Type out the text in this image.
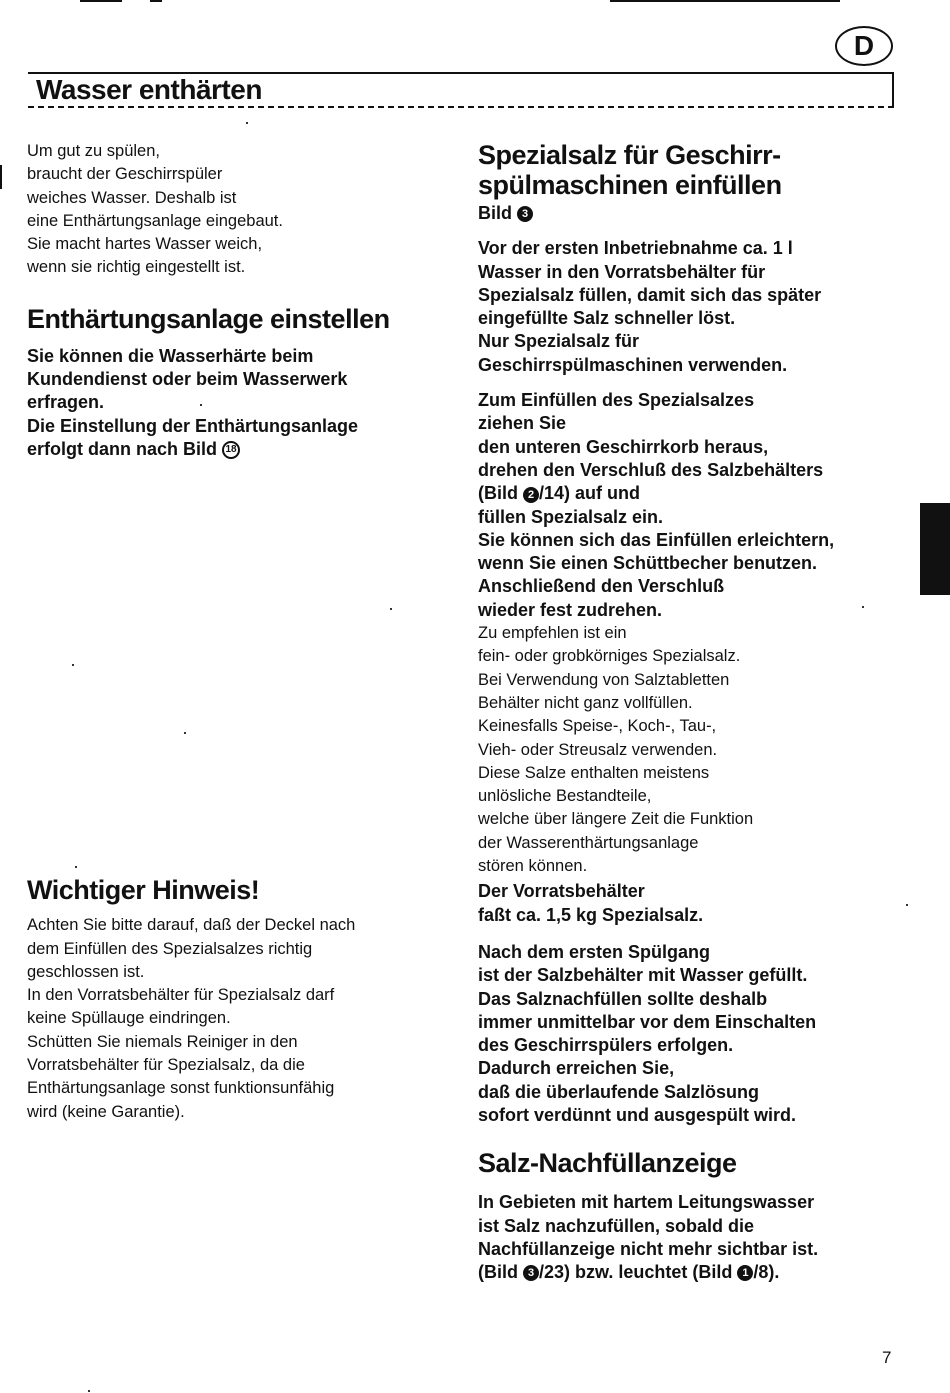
D
Wasser enthärten

Um gut zu spülen,

braucht der Geschirrspüler

weiches Wasser. Deshalb ist

eine Enthärtungsanlage eingebaut.

Sie macht hartes Wasser weich,

wenn sie richtig eingestellt ist.

Enthärtungsanlage einstellen

Sie können die Wasserhärte beim

Kundendienst oder beim Wasserwerk

erfragen.

Die Einstellung der Enthärtungsanlage

erfolgt dann nach Bild 18

Wichtiger Hinweis!

Achten Sie bitte darauf, daß der Deckel nach

dem Einfüllen des Spezialsalzes richtig

geschlossen ist.

In den Vorratsbehälter für Spezialsalz darf

keine Spüllauge eindringen.

Schütten Sie niemals Reiniger in den

Vorratsbehälter für Spezialsalz, da die

Enthärtungsanlage sonst funktionsunfähig

wird (keine Garantie).

Spezialsalz für Geschirr-
spülmaschinen einfüllen

Bild 3

Vor der ersten Inbetriebnahme ca. 1 l

Wasser in den Vorratsbehälter für

Spezialsalz füllen, damit sich das später

eingefüllte Salz schneller löst.

Nur Spezialsalz für

Geschirrspülmaschinen verwenden.

Zum Einfüllen des Spezialsalzes

ziehen Sie

den unteren Geschirrkorb heraus,

drehen den Verschluß des Salzbehälters

(Bild 2 /14) auf und

füllen Spezialsalz ein.

Sie können sich das Einfüllen erleichtern,

wenn Sie einen Schüttbecher benutzen.

Anschließend den Verschluß

wieder fest zudrehen.

Zu empfehlen ist ein

fein- oder grobkörniges Spezialsalz.

Bei Verwendung von Salztabletten

Behälter nicht ganz vollfüllen.

Keinesfalls Speise-, Koch-, Tau-,

Vieh- oder Streusalz verwenden.

Diese Salze enthalten meistens

unlösliche Bestandteile,

welche über längere Zeit die Funktion

der Wasserenthärtungsanlage

stören können.

Der Vorratsbehälter

faßt ca. 1,5 kg Spezialsalz.

Nach dem ersten Spülgang

ist der Salzbehälter mit Wasser gefüllt.

Das Salznachfüllen sollte deshalb

immer unmittelbar vor dem Einschalten

des Geschirrspülers erfolgen.

Dadurch erreichen Sie,

daß die überlaufende Salzlösung

sofort verdünnt und ausgespült wird.

Salz-Nachfüllanzeige

In Gebieten mit hartem Leitungswasser

ist Salz nachzufüllen, sobald die

Nachfüllanzeige nicht mehr sichtbar ist.

(Bild 3 /23) bzw. leuchtet (Bild 1 /8).

7
